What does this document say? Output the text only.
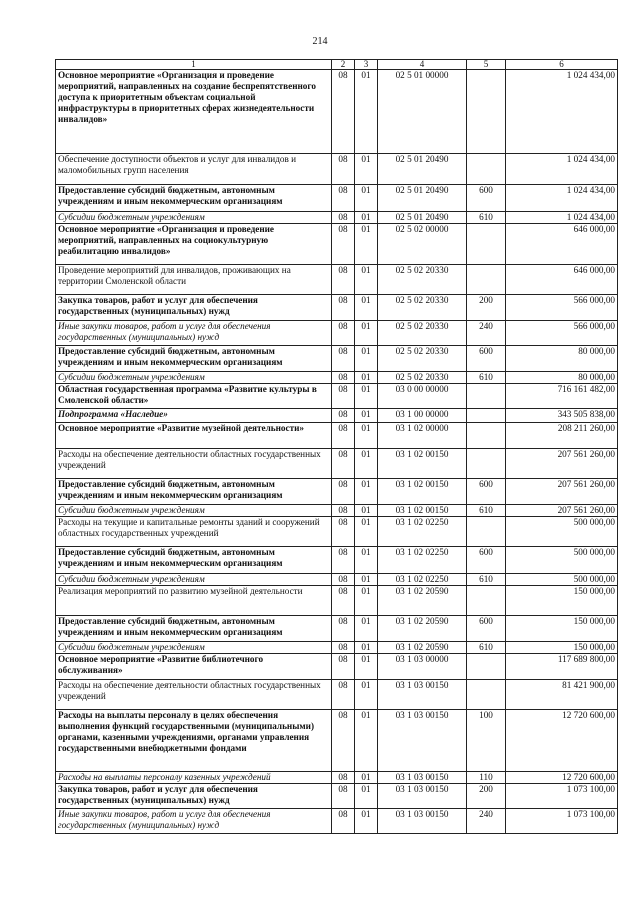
214
1	2	3	4	5	6
Основное мероприятие «Организация и проведение мероприятий, направленных на создание беспрепятственного доступа к приоритетным объектам социальной инфраструктуры в приоритетных сферах жизнедеятельности инвалидов»	08	01	02 5 01 00000		1 024 434,00
Обеспечение доступности объектов и услуг для инвалидов и маломобильных групп населения	08	01	02 5 01 20490		1 024 434,00
Предоставление субсидий бюджетным, автономным учреждениям и иным некоммерческим организациям	08	01	02 5 01 20490	600	1 024 434,00
Субсидии бюджетным учреждениям	08	01	02 5 01 20490	610	1 024 434,00
Основное мероприятие «Организация и проведение мероприятий, направленных на социокультурную реабилитацию инвалидов»	08	01	02 5 02 00000		646 000,00
Проведение мероприятий для инвалидов, проживающих на территории Смоленской области	08	01	02 5 02 20330		646 000,00
Закупка товаров, работ и услуг для обеспечения государственных (муниципальных) нужд	08	01	02 5 02 20330	200	566 000,00
Иные закупки товаров, работ и услуг для обеспечения государственных (муниципальных) нужд	08	01	02 5 02 20330	240	566 000,00
Предоставление субсидий бюджетным, автономным учреждениям и иным некоммерческим организациям	08	01	02 5 02 20330	600	80 000,00
Субсидии бюджетным учреждениям	08	01	02 5 02 20330	610	80 000,00
Областная государственная программа «Развитие культуры в Смоленской области»	08	01	03 0 00 00000		716 161 482,00
Подпрограмма «Наследие»	08	01	03 1 00 00000		343 505 838,00
Основное мероприятие «Развитие музейной деятельности»	08	01	03 1 02 00000		208 211 260,00
Расходы на обеспечение деятельности областных государственных учреждений	08	01	03 1 02 00150		207 561 260,00
Предоставление субсидий бюджетным, автономным учреждениям и иным некоммерческим организациям	08	01	03 1 02 00150	600	207 561 260,00
Субсидии бюджетным учреждениям	08	01	03 1 02 00150	610	207 561 260,00
Расходы на текущие и капитальные ремонты зданий и сооружений областных государственных учреждений	08	01	03 1 02 02250		500 000,00
Предоставление субсидий бюджетным, автономным учреждениям и иным некоммерческим организациям	08	01	03 1 02 02250	600	500 000,00
Субсидии бюджетным учреждениям	08	01	03 1 02 02250	610	500 000,00
Реализация мероприятий по развитию музейной деятельности	08	01	03 1 02 20590		150 000,00
Предоставление субсидий бюджетным, автономным учреждениям и иным некоммерческим организациям	08	01	03 1 02 20590	600	150 000,00
Субсидии бюджетным учреждениям	08	01	03 1 02 20590	610	150 000,00
Основное мероприятие «Развитие библиотечного обслуживания»	08	01	03 1 03 00000		117 689 800,00
Расходы на обеспечение деятельности областных государственных учреждений	08	01	03 1 03 00150		81 421 900,00
Расходы на выплаты персоналу в целях обеспечения выполнения функций государственными (муниципальными) органами, казенными учреждениями, органами управления государственными внебюджетными фондами	08	01	03 1 03 00150	100	12 720 600,00
Расходы на выплаты персоналу казенных учреждений	08	01	03 1 03 00150	110	12 720 600,00
Закупка товаров, работ и услуг для обеспечения государственных (муниципальных) нужд	08	01	03 1 03 00150	200	1 073 100,00
Иные закупки товаров, работ и услуг для обеспечения государственных (муниципальных) нужд	08	01	03 1 03 00150	240	1 073 100,00
